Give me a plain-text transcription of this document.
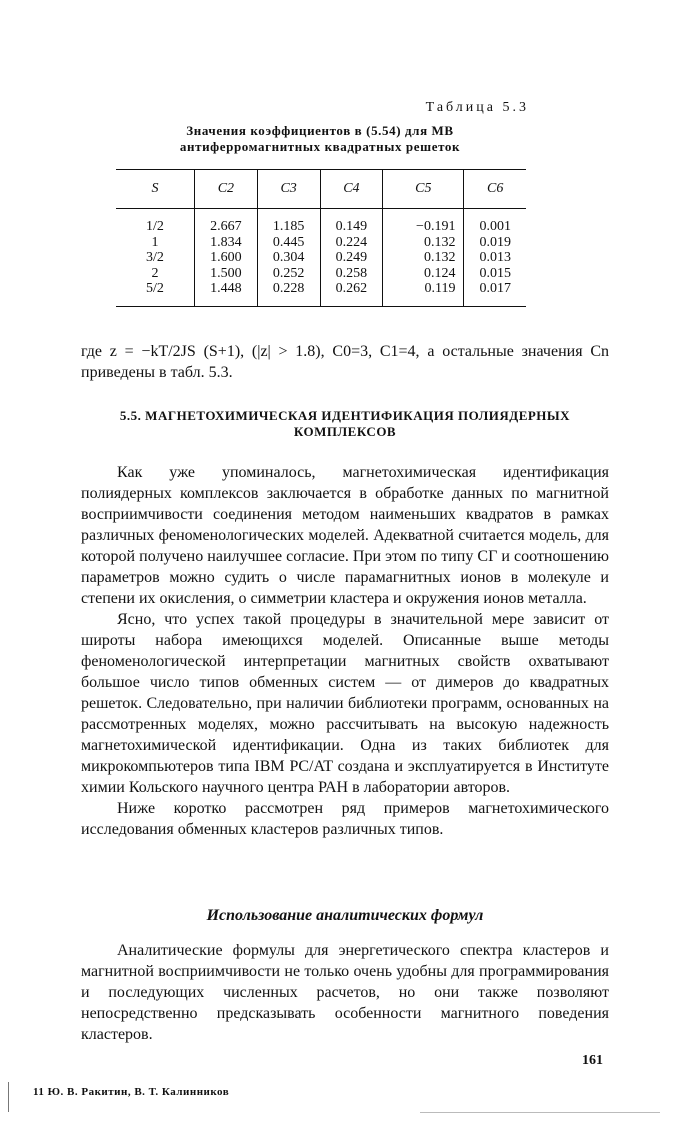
Таблица 5.3
Значения коэффициентов в (5.54) для МВ антиферромагнитных квадратных решеток
S	C2	C3	C4	C5	C6
1/2	2.667	1.185	0.149	−0.191	0.001
1	1.834	0.445	0.224	0.132	0.019
3/2	1.600	0.304	0.249	0.132	0.013
2	1.500	0.252	0.258	0.124	0.015
5/2	1.448	0.228	0.262	0.119	0.017

где z = −kT/2JS (S+1), (|z| > 1.8), C0=3, C1=4, а остальные значения Cn приведены в табл. 5.3.

5.5. МАГНЕТОХИМИЧЕСКАЯ ИДЕНТИФИКАЦИЯ ПОЛИЯДЕРНЫХ КОМПЛЕКСОВ

Как уже упоминалось, магнетохимическая идентификация полиядерных комплексов заключается в обработке данных по магнитной восприимчивости соединения методом наименьших квадратов в рамках различных феноменологических моделей. Адекватной считается модель, для которой получено наилучшее согласие. При этом по типу СГ и соотношению параметров можно судить о числе парамагнитных ионов в молекуле и степени их окисления, о симметрии кластера и окружения ионов металла.

Ясно, что успех такой процедуры в значительной мере зависит от широты набора имеющихся моделей. Описанные выше методы феноменологической интерпретации магнитных свойств охватывают большое число типов обменных систем — от димеров до квадратных решеток. Следовательно, при наличии библиотеки программ, основанных на рассмотренных моделях, можно рассчитывать на высокую надежность магнетохимической идентификации. Одна из таких библиотек для микрокомпьютеров типа IBM PC/AT создана и эксплуатируется в Институте химии Кольского научного центра РАН в лаборатории авторов.

Ниже коротко рассмотрен ряд примеров магнетохимического исследования обменных кластеров различных типов.

Использование аналитических формул

Аналитические формулы для энергетического спектра кластеров и магнитной восприимчивости не только очень удобны для программирования и последующих численных расчетов, но они также позволяют непосредственно предсказывать особенности магнитного поведения кластеров.

161
11 Ю. В. Ракитин, В. Т. Калинников
